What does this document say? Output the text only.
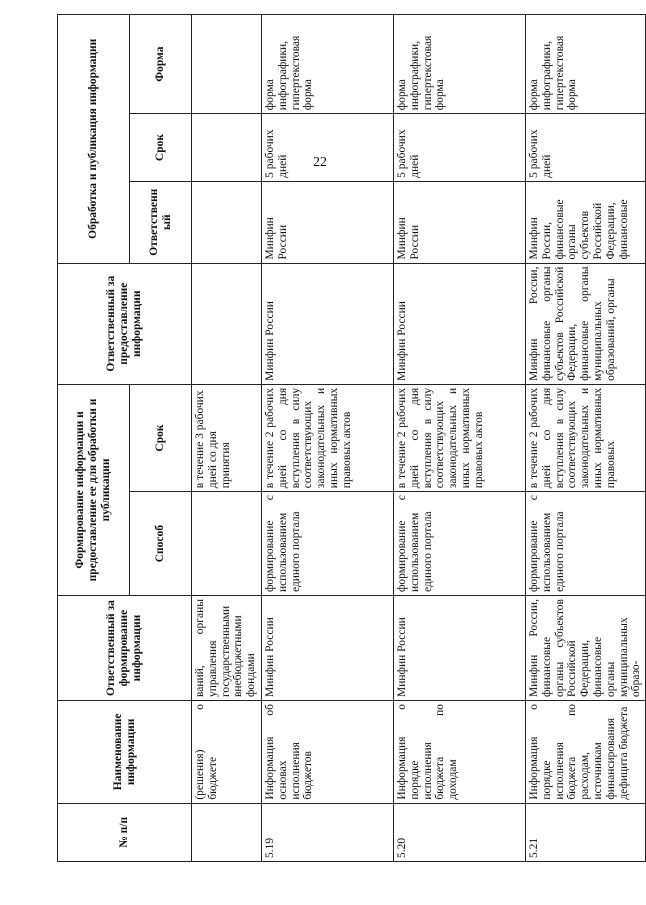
22
№ п/п	Наименование информации	Ответственный за формирование информации	Формирование информации и предоставление ее для обработки и публикации		Ответственный за предоставление информации	Обработка и публикация информации		
			Способ	Срок		Ответственный	Срок	Форма
	(решения) о бюджете	ваний, органы управления государственными внебюджетными фондами		в течение 3 рабочих дней со дня принятия				
5.19	Информация об основах исполнения бюджетов	Минфин России	формирование с использованием единого портала	в течение 2 рабочих дней со дня вступления в силу соответствующих законодательных и иных нормативных правовых актов	Минфин России	Минфин России	5 рабочих дней	форма инфографики, гипертекстовая форма
5.20	Информация о порядке исполнения бюджета по доходам	Минфин России	формирование с использованием единого портала	в течение 2 рабочих дней со дня вступления в силу соответствующих законодательных и иных нормативных правовых актов	Минфин России	Минфин России	5 рабочих дней	форма инфографики, гипертекстовая форма
5.21	Информация о порядке исполнения бюджета по расходам, источникам финансирования дефицита бюджета	Минфин России, финансовые органы субъектов Российской Федерации, финансовые органы муниципальных образо-	формирование с использованием единого портала	в течение 2 рабочих дней со дня вступления в силу соответствующих законодательных и иных нормативных правовых	Минфин России, финансовые органы субъектов Российской Федерации, финансовые органы муниципальных образований, органы	Минфин России, финансовые органы субъектов Российской Федерации, финансовые	5 рабочих дней	форма инфографики, гипертекстовая форма
